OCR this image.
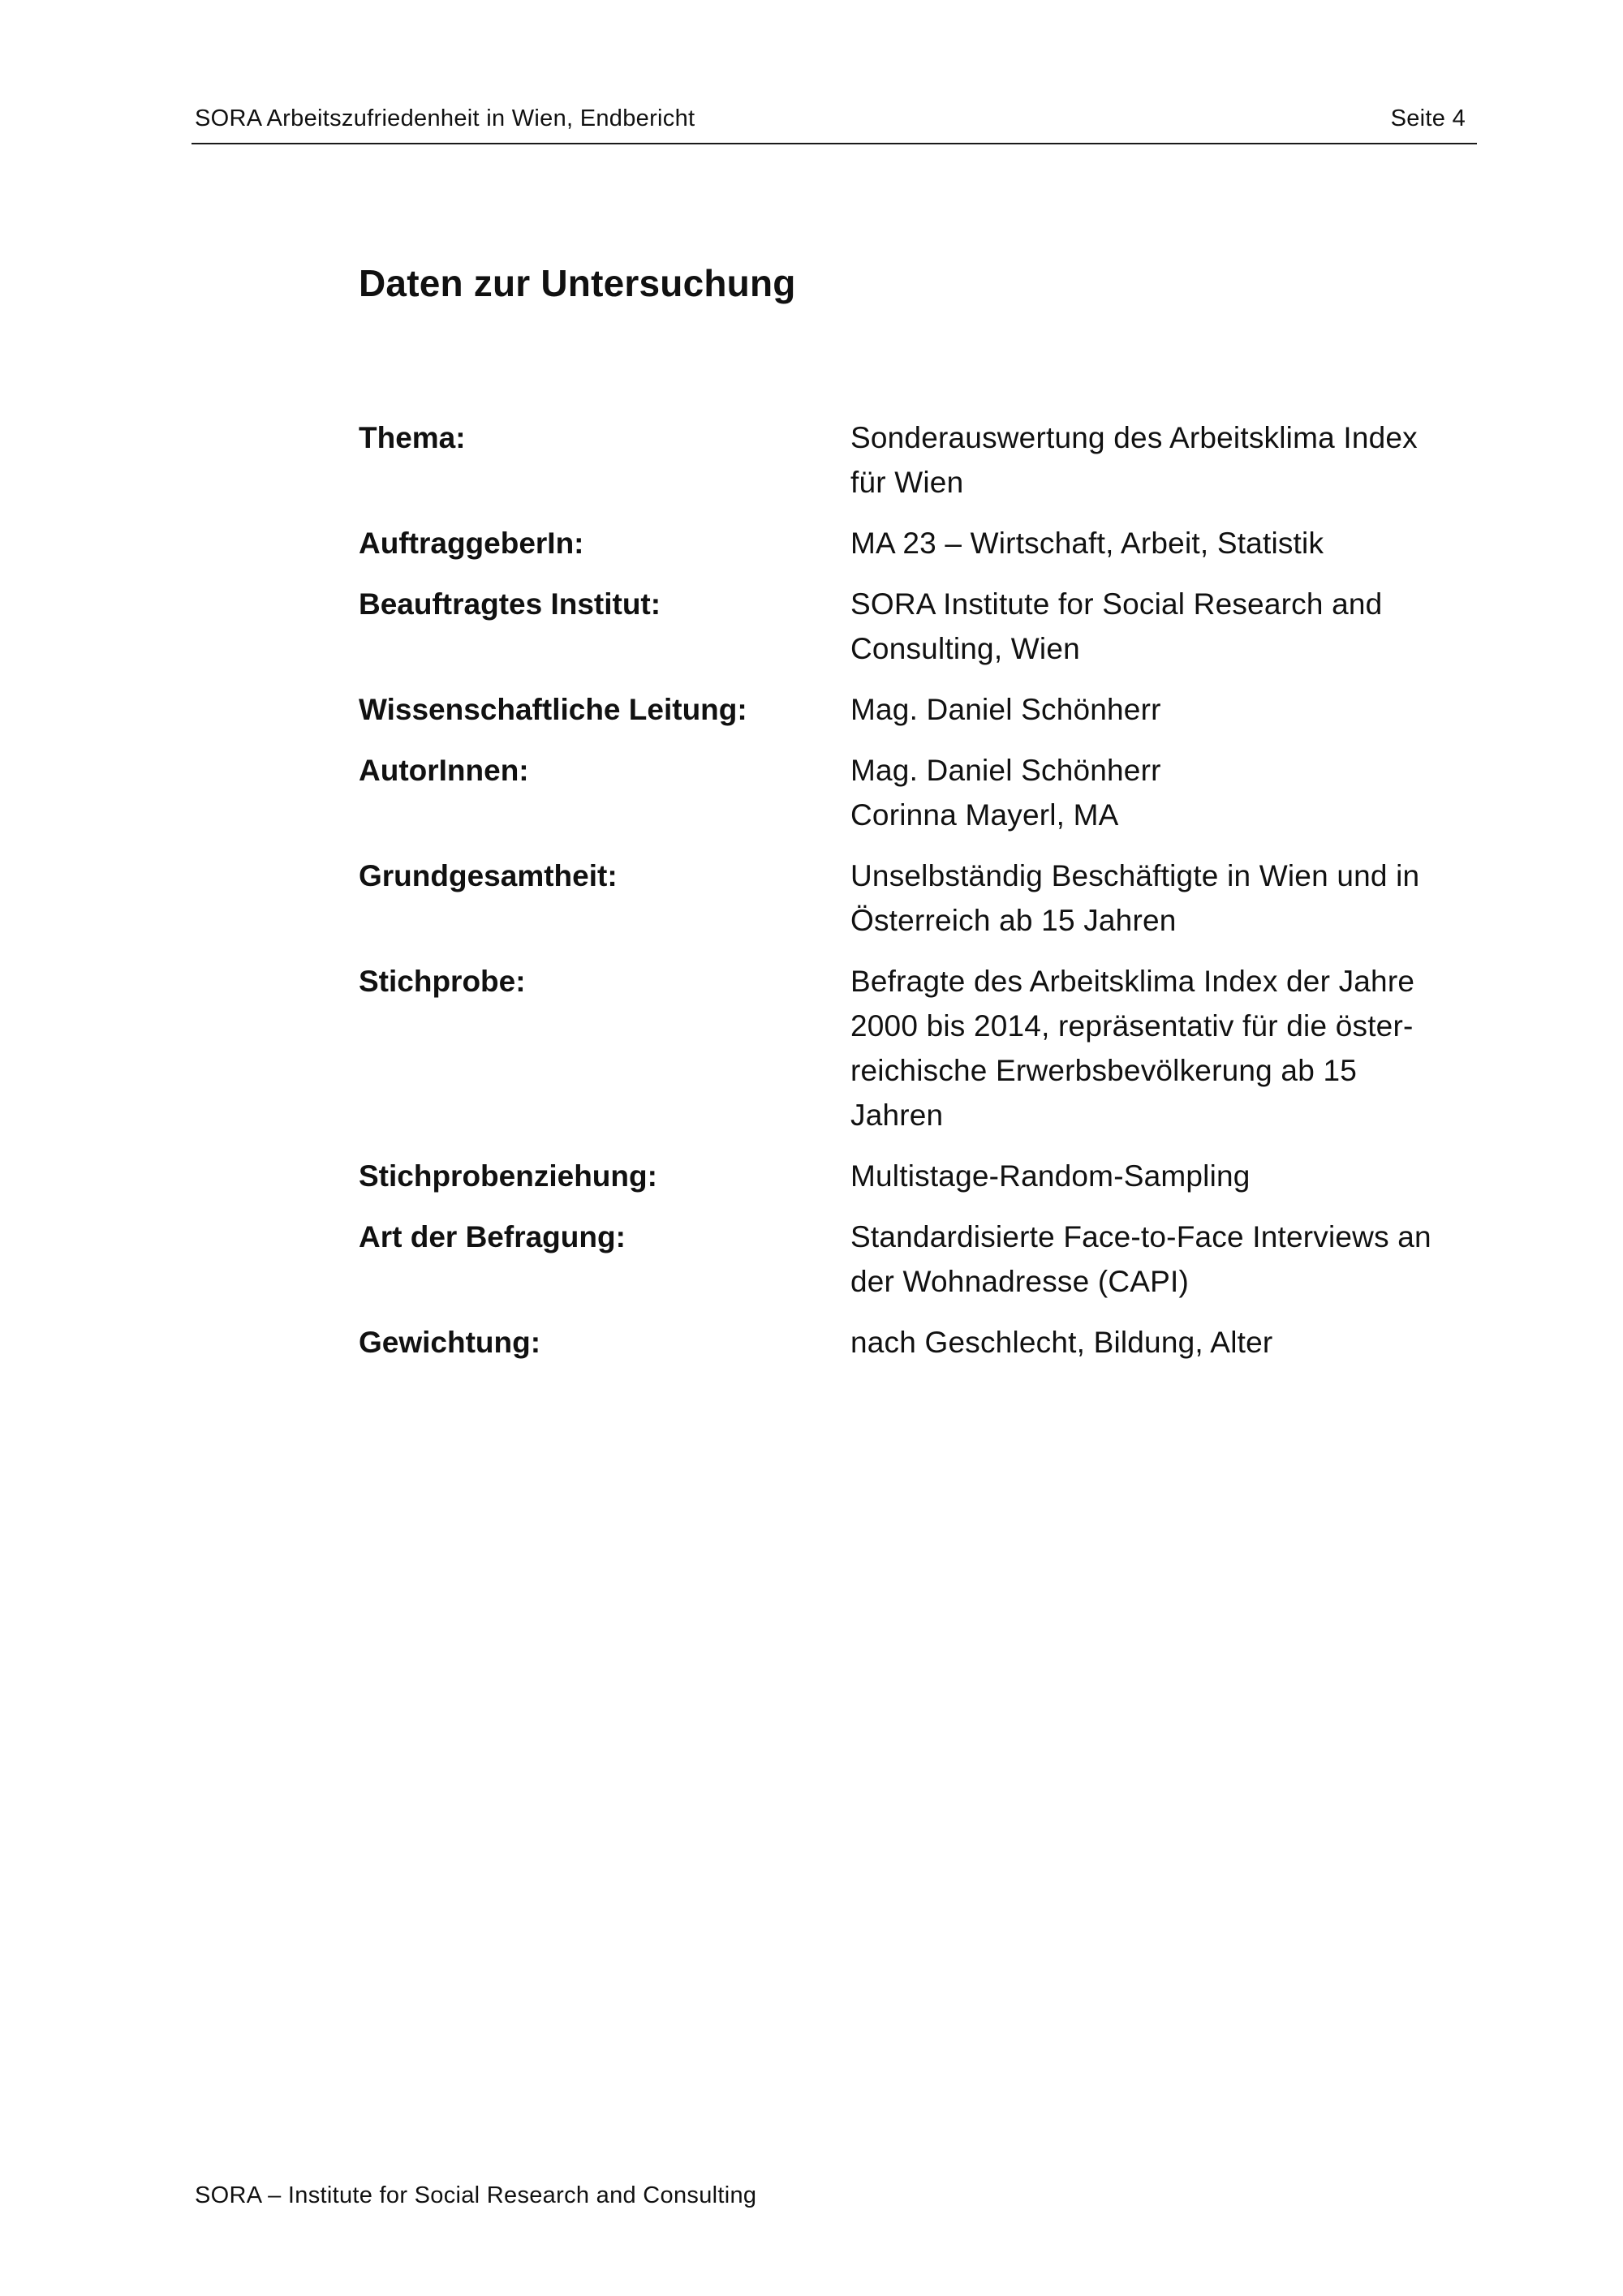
SORA Arbeitszufriedenheit in Wien, Endbericht	Seite 4
Daten zur Untersuchung
Thema:	Sonderauswertung des Arbeitsklima Index
für Wien

AuftraggeberIn:	MA 23 – Wirtschaft, Arbeit, Statistik

Beauftragtes Institut:	SORA Institute for Social Research and
Consulting, Wien

Wissenschaftliche Leitung:	Mag. Daniel Schönherr

AutorInnen:	Mag. Daniel Schönherr
Corinna Mayerl, MA

Grundgesamtheit:	Unselbständig Beschäftigte in Wien und in
Österreich ab 15 Jahren

Stichprobe:	Befragte des Arbeitsklima Index der Jahre
2000 bis 2014, repräsentativ für die öster-
reichische Erwerbsbevölkerung ab 15
Jahren

Stichprobenziehung:	Multistage-Random-Sampling

Art der Befragung:	Standardisierte Face-to-Face Interviews an
der Wohnadresse (CAPI)

Gewichtung:	nach Geschlecht, Bildung, Alter
SORA – Institute for Social Research and Consulting
